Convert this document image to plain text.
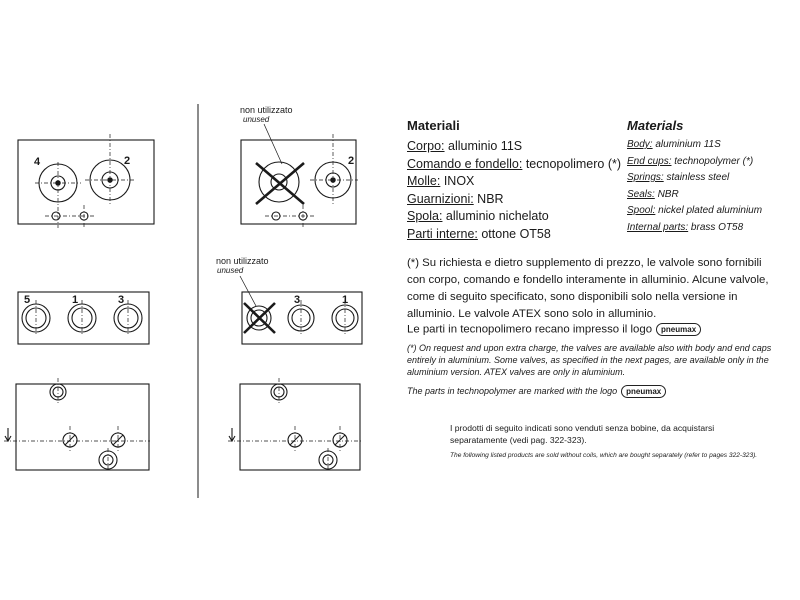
4	2
5	1	3
2
3	1
non utilizzato
unused
non utilizzato
unused
Materiali
Corpo: alluminio 11S
Comando e fondello: tecnopolimero (*)
Molle: INOX
Guarnizioni: NBR
Spola: alluminio nichelato
Parti interne: ottone OT58
Materials
Body: aluminium 11S
End cups: technopolymer (*)
Springs: stainless steel
Seals: NBR
Spool: nickel plated aluminium
Internal parts: brass OT58
(*) Su richiesta e dietro supplemento di prezzo, le valvole sono fornibili con corpo, comando e fondello interamente in alluminio. Alcune valvole, come di seguito specificato, sono disponibili solo nella versione in alluminio. Le valvole ATEX sono solo in alluminio.
Le parti in tecnopolimero recano impresso il logo pneumax
(*) On request and upon extra charge, the valves are available also with body and end caps entirely in aluminium. Some valves, as specified in the next pages, are available only in the aluminium version. ATEX valves are only in aluminium.
The parts in technopolymer are marked with the logo pneumax
I prodotti di seguito indicati sono venduti senza bobine, da acquistarsi separatamente (vedi pag. 322-323).
The following listed products are sold without coils, which are bought separately (refer to pages 322-323).
